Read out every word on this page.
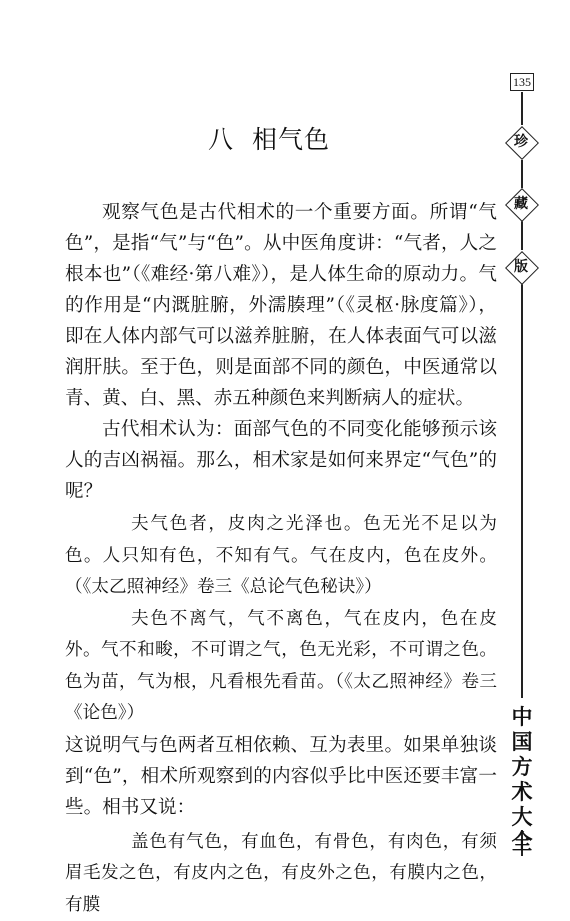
135
珍
藏
版
中
国
方
术
大
全
八 相气色

观察气色是古代相术的一个重要方面。所谓“气色”，是指“气”与“色”。从中医角度讲：“气者，人之根本也”（《难经·第八难》），是人体生命的原动力。气的作用是“内溉脏腑，外濡腠理”（《灵枢·脉度篇》），即在人体内部气可以滋养脏腑，在人体表面气可以滋润肝肤。至于色，则是面部不同的颜色，中医通常以青、黄、白、黑、赤五种颜色来判断病人的症状。

古代相术认为：面部气色的不同变化能够预示该人的吉凶祸福。那么，相术家是如何来界定“气色”的呢？

夫气色者，皮肉之光泽也。色无光不足以为色。人只知有色，不知有气。气在皮内，色在皮外。（《太乙照神经》卷三《总论气色秘诀》）

夫色不离气，气不离色，气在皮内，色在皮外。气不和畯，不可谓之气，色无光彩，不可谓之色。色为苗，气为根，凡看根先看苗。（《太乙照神经》卷三《论色》）

这说明气与色两者互相依赖、互为表里。如果单独谈到“色”，相术所观察到的内容似乎比中医还要丰富一些。相书又说：

盖色有气色，有血色，有骨色，有肉色，有须眉毛发之色，有皮内之色，有皮外之色，有膜内之色，有膜
